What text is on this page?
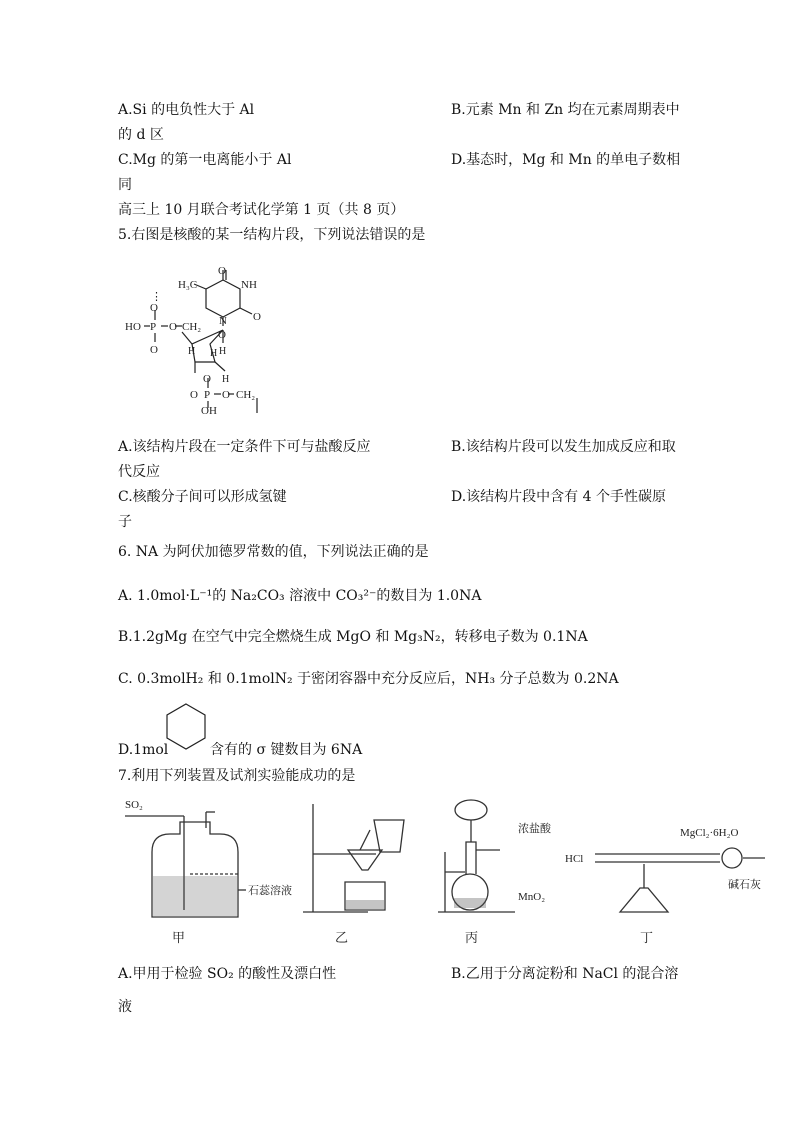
A.Si 的电负性大于 Al	B.元素 Mn 和 Zn 均在元素周期表中
的 d 区
C.Mg 的第一电离能小于 Al	D.基态时，Mg 和 Mn 的单电子数相
同
高三上 10 月联合考试化学第 1 页（共 8 页）
5.右图是核酸的某一结构片段，下列说法错误的是
O
H₃C	NH
O
N
⋮
O
HO P O CH₂
O
O
H H
H
H
O
O P O CH₂
OH
A.该结构片段在一定条件下可与盐酸反应	B.该结构片段可以发生加成反应和取
代反应
C.核酸分子间可以形成氢键	D.该结构片段中含有 4 个手性碳原
子
6. NA 为阿伏加德罗常数的值，下列说法正确的是
A. 1.0mol·L⁻¹的 Na₂CO₃ 溶液中 CO₃²⁻的数目为 1.0NA
B.1.2gMg 在空气中完全燃烧生成 MgO 和 Mg₃N₂，转移电子数为 0.1NA
C. 0.3molH₂ 和 0.1molN₂ 于密闭容器中充分反应后，NH₃ 分子总数为 0.2NA
D.1mol	含有的 σ 键数目为 6NA
7.利用下列装置及试剂实验能成功的是
SO₂
石蕊溶液
浓盐酸
MnO₂
HCl
MgCl₂·6H₂O
碱石灰
甲	乙	丙	丁
A.甲用于检验 SO₂ 的酸性及漂白性	B.乙用于分离淀粉和 NaCl 的混合溶
液
